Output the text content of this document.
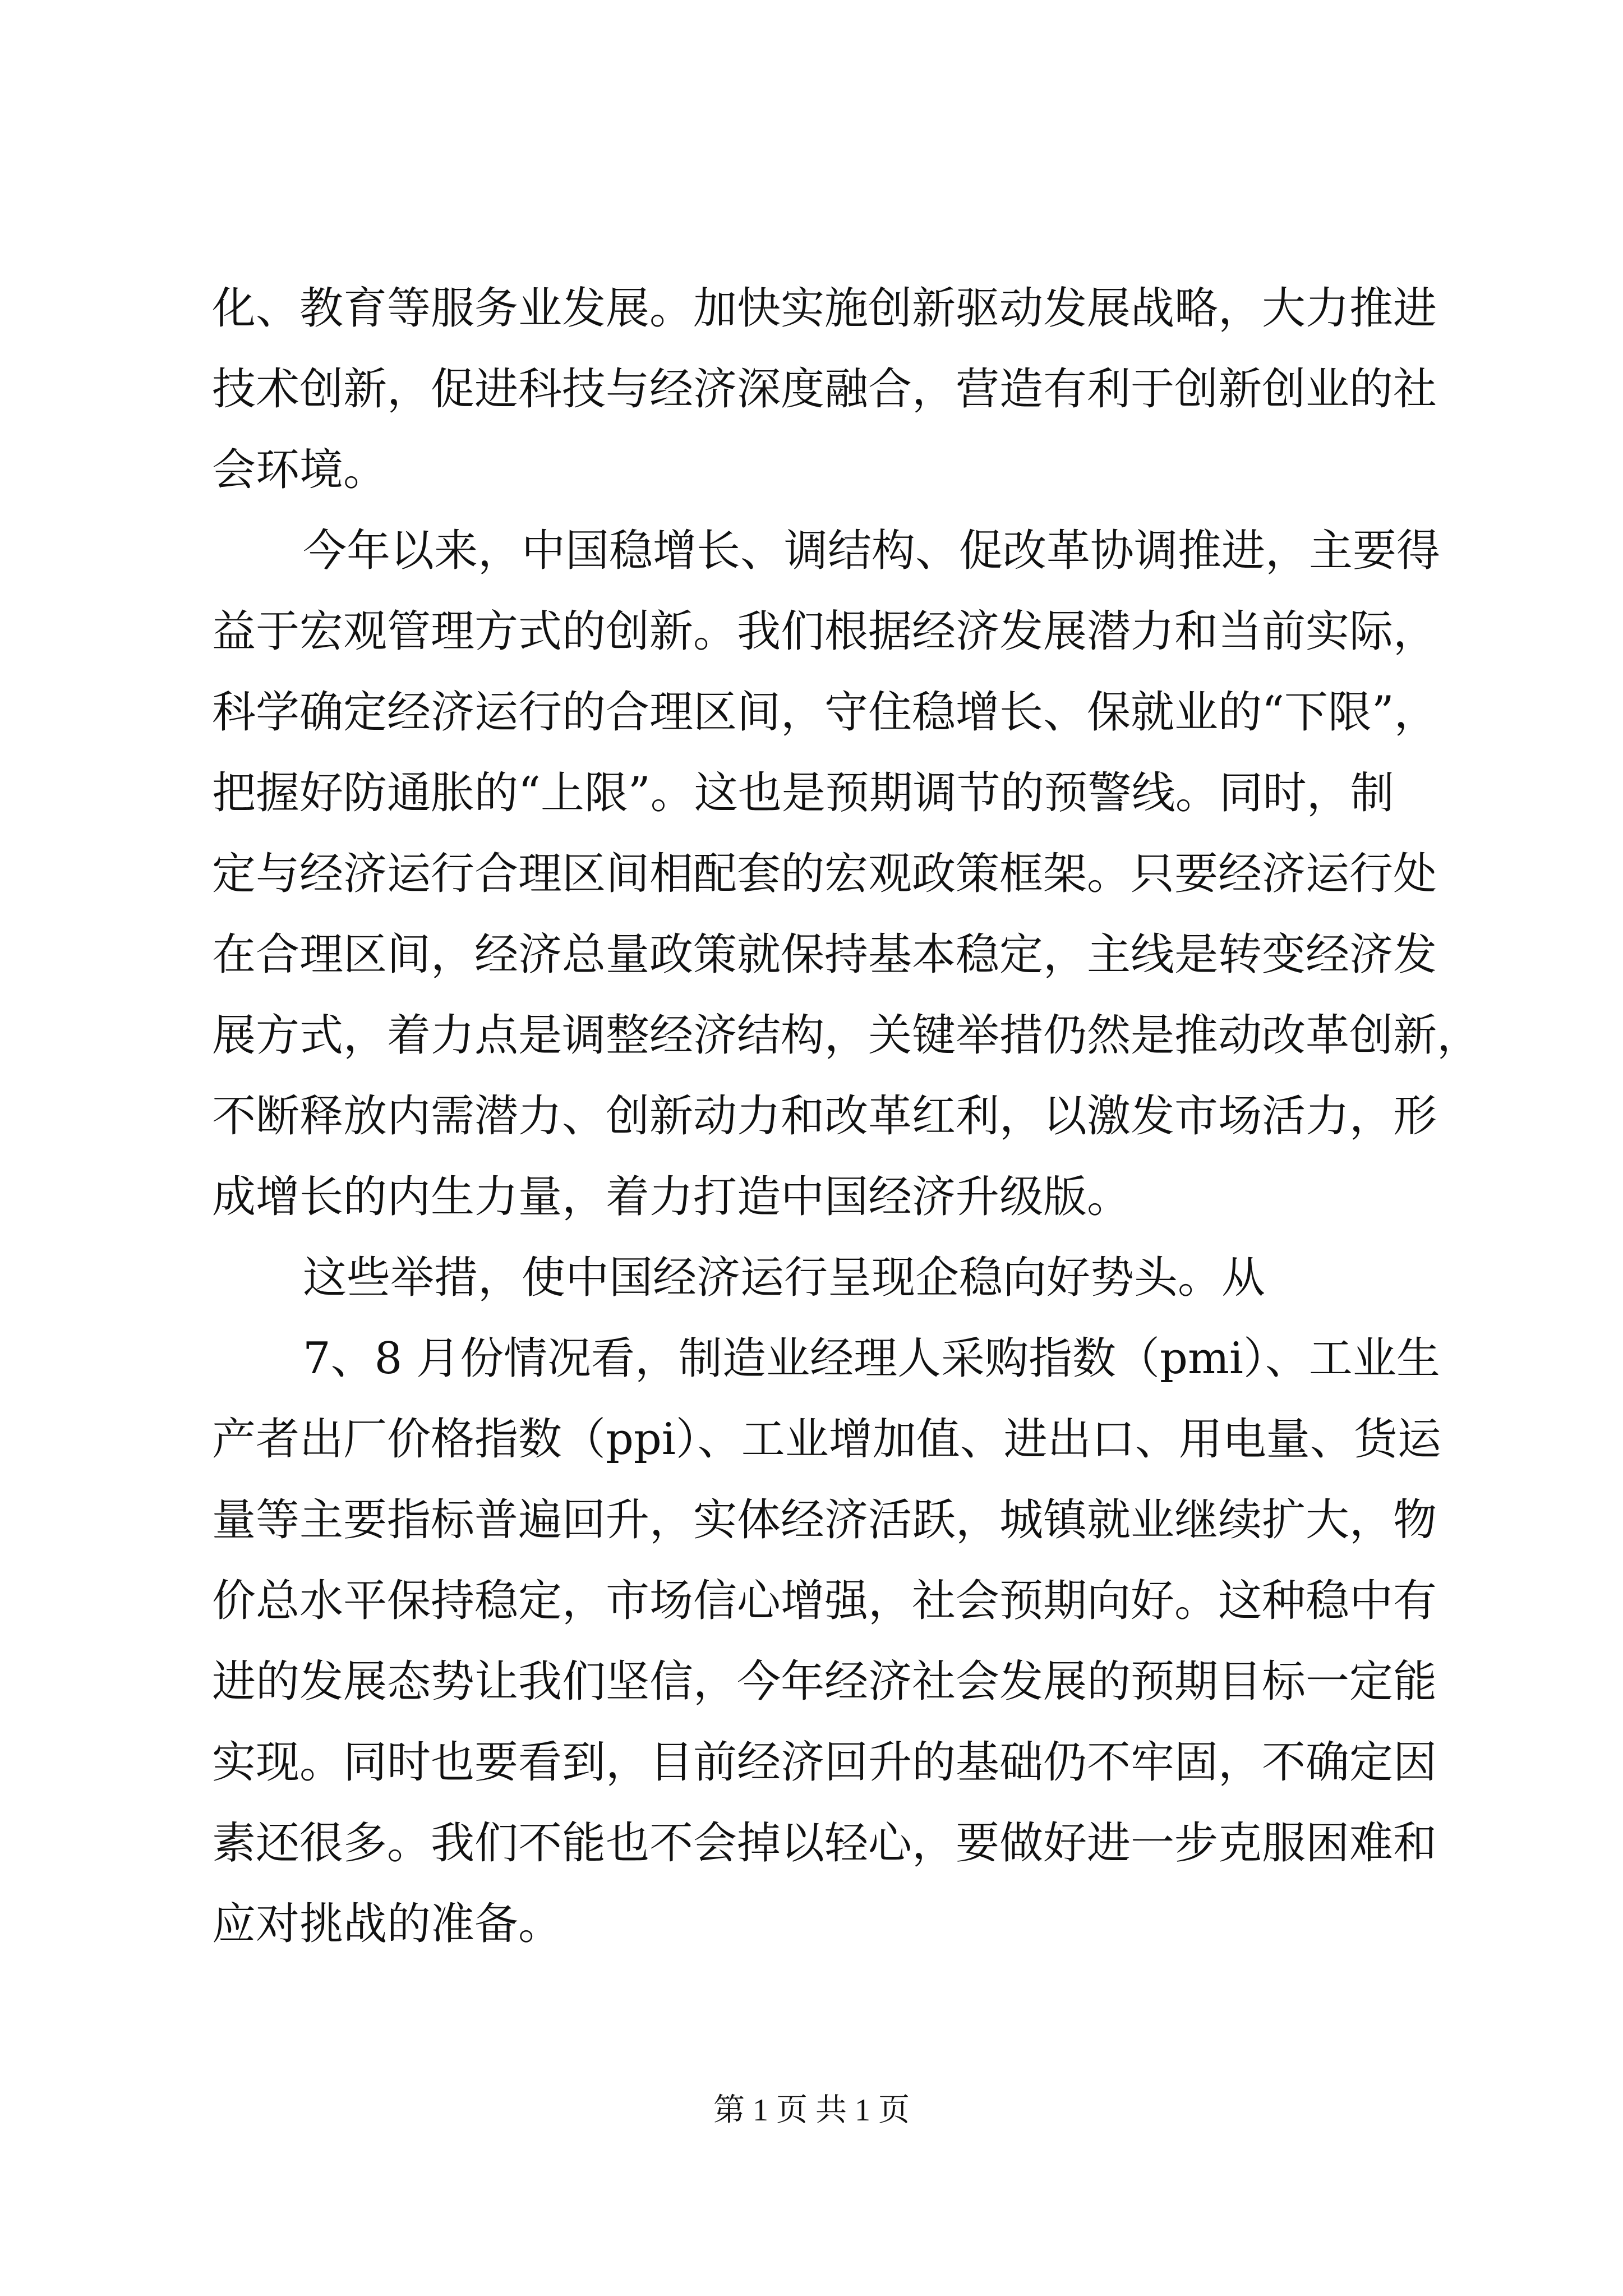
化、教育等服务业发展。加快实施创新驱动发展战略，大力推进
技术创新，促进科技与经济深度融合，营造有利于创新创业的社
会环境。
今年以来，中国稳增长、调结构、促改革协调推进，主要得
益于宏观管理方式的创新。我们根据经济发展潜力和当前实际，
科学确定经济运行的合理区间，守住稳增长、保就业的“下限”，
把握好防通胀的“上限”。这也是预期调节的预警线。同时，制
定与经济运行合理区间相配套的宏观政策框架。只要经济运行处
在合理区间，经济总量政策就保持基本稳定，主线是转变经济发
展方式，着力点是调整经济结构，关键举措仍然是推动改革创新，
不断释放内需潜力、创新动力和改革红利，以激发市场活力，形
成增长的内生力量，着力打造中国经济升级版。
这些举措，使中国经济运行呈现企稳向好势头。从
7、8 月份情况看，制造业经理人采购指数（pmi）、工业生
产者出厂价格指数（ppi）、工业增加值、进出口、用电量、货运
量等主要指标普遍回升，实体经济活跃，城镇就业继续扩大，物
价总水平保持稳定，市场信心增强，社会预期向好。这种稳中有
进的发展态势让我们坚信，今年经济社会发展的预期目标一定能
实现。同时也要看到，目前经济回升的基础仍不牢固，不确定因
素还很多。我们不能也不会掉以轻心，要做好进一步克服困难和
应对挑战的准备。
第 1 页 共 1 页
